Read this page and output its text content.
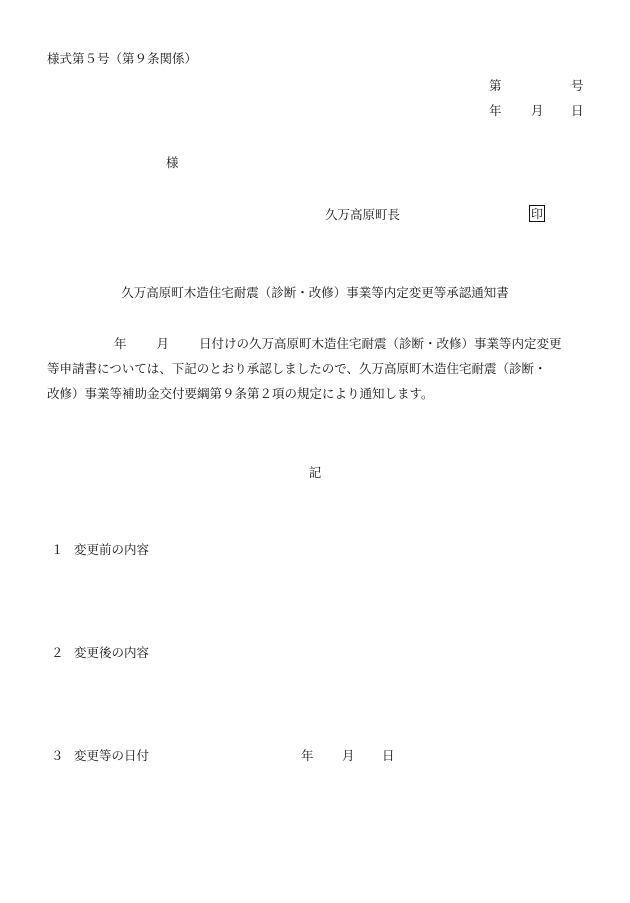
様式第５号（第９条関係）
第	号
年 月 日
様
久万高原町長	印
久万高原町木造住宅耐震（診断・改修）事業等内定変更等承認通知書
年 月 日付けの久万高原町木造住宅耐震（診断・改修）事業等内定変更
等申請書については、下記のとおり承認しましたので、久万高原町木造住宅耐震（診断・
改修）事業等補助金交付要綱第９条第２項の規定により通知します。
記
１ 変更前の内容
２ 変更後の内容
３ 変更等の日付	年 月 日
